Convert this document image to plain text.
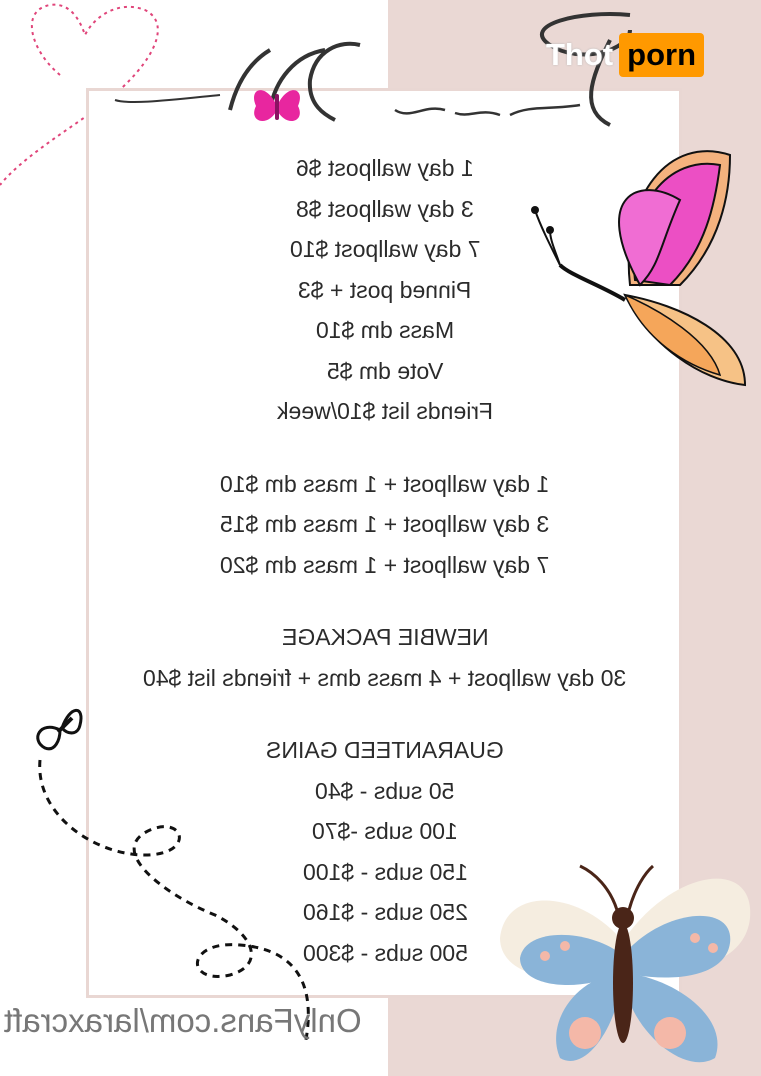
Thot porn
1 day wallpost $6
3 day wallpost $8
7 day wallpost $10
Pinned post + $3
Mass dm $10
Vote dm $5
Friends list $10/week
1 day wallpost + 1 mass dm $10
3 day wallpost + 1 mass dm $15
7 day wallpost + 1 mass dm $20
NEWBIE PACKAGE
30 day wallpost + 4 mass dms + friends list $40
GUARANTEED GAINS
50 subs - $40
100 subs -$70
150 subs - $100
250 subs - $160
500 subs - $300
OnlyFans.com/laraxcraft
